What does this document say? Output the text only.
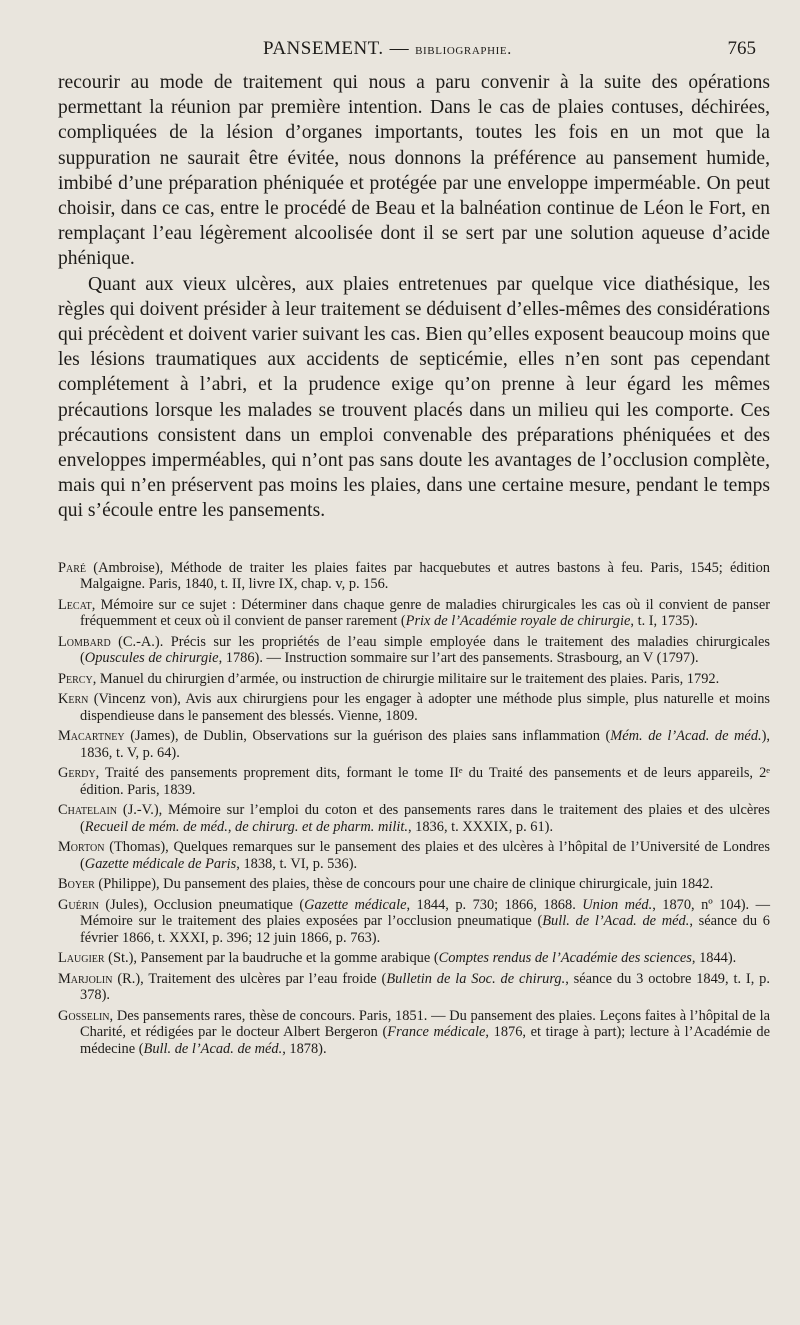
PANSEMENT. — bibliographie.	765

recourir au mode de traitement qui nous a paru convenir à la suite des opérations permettant la réunion par première intention. Dans le cas de plaies contuses, déchirées, compliquées de la lésion d’organes importants, toutes les fois en un mot que la suppuration ne saurait être évitée, nous donnons la préférence au pansement humide, imbibé d’une préparation phéniquée et protégée par une enveloppe imperméable. On peut choisir, dans ce cas, entre le procédé de Beau et la balnéation continue de Léon le Fort, en remplaçant l’eau légèrement alcoolisée dont il se sert par une solution aqueuse d’acide phénique.

Quant aux vieux ulcères, aux plaies entretenues par quelque vice diathésique, les règles qui doivent présider à leur traitement se déduisent d’elles-mêmes des considérations qui précèdent et doivent varier suivant les cas. Bien qu’elles exposent beaucoup moins que les lésions traumatiques aux accidents de septicémie, elles n’en sont pas cependant complétement à l’abri, et la prudence exige qu’on prenne à leur égard les mêmes précautions lorsque les malades se trouvent placés dans un milieu qui les comporte. Ces précautions consistent dans un emploi convenable des préparations phéniquées et des enveloppes imperméables, qui n’ont pas sans doute les avantages de l’occlusion complète, mais qui n’en préservent pas moins les plaies, dans une certaine mesure, pendant le temps qui s’écoule entre les pansements.

Paré (Ambroise), Méthode de traiter les plaies faites par hacquebutes et autres bastons à feu. Paris, 1545; édition Malgaigne. Paris, 1840, t. II, livre IX, chap. v, p. 156.

Lecat, Mémoire sur ce sujet : Déterminer dans chaque genre de maladies chirurgicales les cas où il convient de panser fréquemment et ceux où il convient de panser rarement (Prix de l’Académie royale de chirurgie, t. I, 1735).

Lombard (C.-A.). Précis sur les propriétés de l’eau simple employée dans le traitement des maladies chirurgicales (Opuscules de chirurgie, 1786). — Instruction sommaire sur l’art des pansements. Strasbourg, an V (1797).

Percy, Manuel du chirurgien d’armée, ou instruction de chirurgie militaire sur le traitement des plaies. Paris, 1792.

Kern (Vincenz von), Avis aux chirurgiens pour les engager à adopter une méthode plus simple, plus naturelle et moins dispendieuse dans le pansement des blessés. Vienne, 1809.

Macartney (James), de Dublin, Observations sur la guérison des plaies sans inflammation (Mém. de l’Acad. de méd.), 1836, t. V, p. 64).

Gerdy, Traité des pansements proprement dits, formant le tome IIᵉ du Traité des pansements et de leurs appareils, 2ᵉ édition. Paris, 1839.

Chatelain (J.-V.), Mémoire sur l’emploi du coton et des pansements rares dans le traitement des plaies et des ulcères (Recueil de mém. de méd., de chirurg. et de pharm. milit., 1836, t. XXXIX, p. 61).

Morton (Thomas), Quelques remarques sur le pansement des plaies et des ulcères à l’hôpital de l’Université de Londres (Gazette médicale de Paris, 1838, t. VI, p. 536).

Boyer (Philippe), Du pansement des plaies, thèse de concours pour une chaire de clinique chirurgicale, juin 1842.

Guérin (Jules), Occlusion pneumatique (Gazette médicale, 1844, p. 730; 1866, 1868. Union méd., 1870, nº 104). — Mémoire sur le traitement des plaies exposées par l’occlusion pneumatique (Bull. de l’Acad. de méd., séance du 6 février 1866, t. XXXI, p. 396; 12 juin 1866, p. 763).

Laugier (St.), Pansement par la baudruche et la gomme arabique (Comptes rendus de l’Académie des sciences, 1844).

Marjolin (R.), Traitement des ulcères par l’eau froide (Bulletin de la Soc. de chirurg., séance du 3 octobre 1849, t. I, p. 378).

Gosselin, Des pansements rares, thèse de concours. Paris, 1851. — Du pansement des plaies. Leçons faites à l’hôpital de la Charité, et rédigées par le docteur Albert Bergeron (France médicale, 1876, et tirage à part); lecture à l’Académie de médecine (Bull. de l’Acad. de méd., 1878).
